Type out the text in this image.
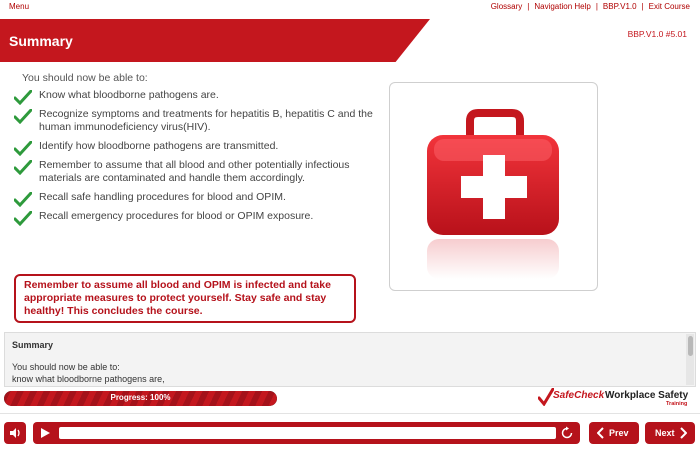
Menu	Glossary | Navigation Help | BBP.V1.0 | Exit Course
Summary	BBP.V1.0 #5.01
You should now be able to:
Know what bloodborne pathogens are.
Recognize symptoms and treatments for hepatitis B, hepatitis C and the human immunodeficiency virus(HIV).
Identify how bloodborne pathogens are transmitted.
Remember to assume that all blood and other potentially infectious materials are contaminated and handle them accordingly.
Recall safe handling procedures for blood and OPIM.
Recall emergency procedures for blood or OPIM exposure.
Remember to assume all blood and OPIM is infected and take appropriate measures to protect yourself. Stay safe and stay healthy! This concludes the course.
Summary
You should now be able to:
know what bloodborne pathogens are,
Progress: 100%	SafeCheck Workplace Safety
Training
Prev	Next
